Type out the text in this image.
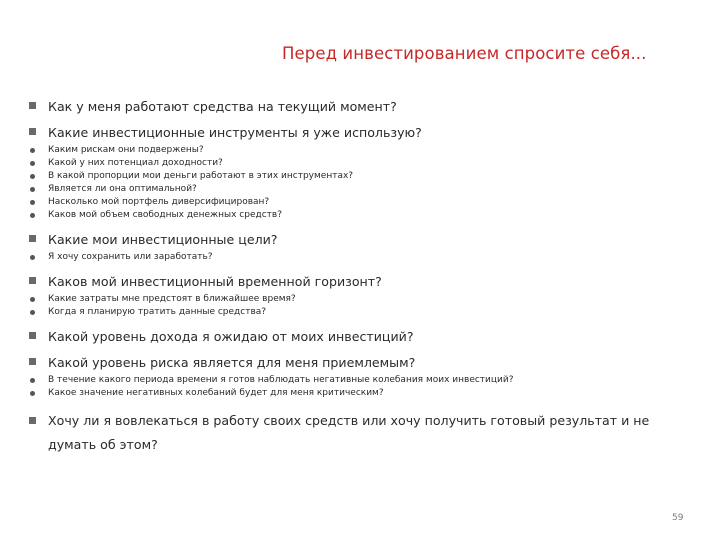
Перед инвестированием спросите себя...
Как у меня работают средства на текущий момент?
Какие инвестиционные инструменты я уже использую?
Каким рискам они подвержены?
Какой у них потенциал доходности?
В какой пропорции мои деньги работают в этих инструментах?
Является ли она оптимальной?
Насколько мой портфель диверсифицирован?
Каков мой объем свободных денежных средств?
Какие мои инвестиционные цели?
Я хочу сохранить или заработать?
Каков мой инвестиционный временной горизонт?
Какие затраты мне предстоят в ближайшее время?
Когда я планирую тратить данные средства?
Какой уровень дохода я ожидаю от моих инвестиций?
Какой уровень риска является для меня приемлемым?
В течение какого периода времени я готов наблюдать негативные колебания моих инвестиций?
Какое значение негативных колебаний будет для меня критическим?
Хочу ли я вовлекаться в работу своих средств или хочу получить готовый результат и не думать об этом?
59
